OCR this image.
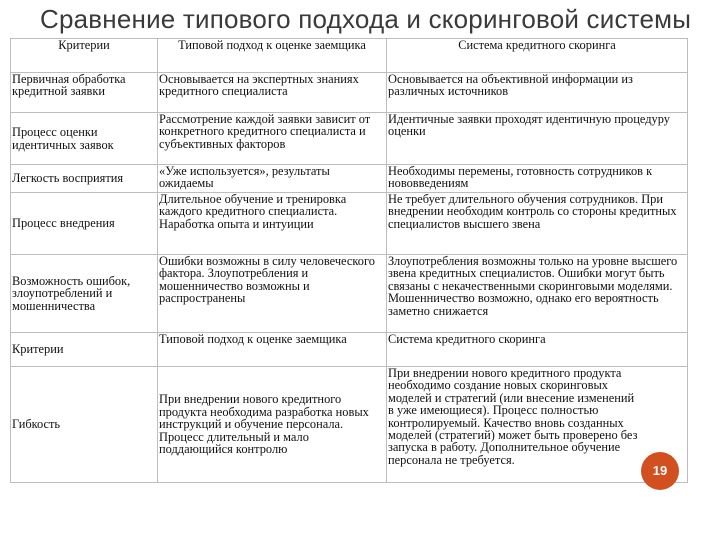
Сравнение типового подхода и скоринговой системы
Критерии	Типовой подход к оценке заемщика	Система кредитного скоринга
Первичная обработка кредитной заявки	Основывается на экспертных знаниях кредитного специалиста	Основывается на объективной информации из различных источников
Процесс оценки идентичных заявок	Рассмотрение каждой заявки зависит от конкретного кредитного специалиста и субъективных факторов	Идентичные заявки проходят идентичную процедуру оценки
Легкость восприятия	«Уже используется», результаты ожидаемы	Необходимы перемены, готовность сотрудников к нововведениям
Процесс внедрения	Длительное обучение и тренировка каждого кредитного специалиста. Наработка опыта и интуиции	Не требует длительного обучения сотрудников. При внедрении необходим контроль со стороны кредитных специалистов высшего звена
Возможность ошибок, злоупотреблений и мошенничества	Ошибки возможны в силу человеческого фактора. Злоупотребления и мошенничество возможны и распространены	Злоупотребления возможны только на уровне высшего звена кредитных специалистов. Ошибки могут быть связаны с некачественными скоринговыми моделями. Мошенничество возможно, однако его вероятность заметно снижается
Критерии	Типовой подход к оценке заемщика	Система кредитного скоринга
Гибкость	При внедрении нового кредитного продукта необходима разработка новых инструкций и обучение персонала. Процесс длительный и мало поддающийся контролю	При внедрении нового кредитного продукта необходимо создание новых скоринговых моделей и стратегий (или внесение изменений в уже имеющиеся). Процесс полностью контролируемый. Качество вновь созданных моделей (стратегий) может быть проверено без запуска в работу. Дополнительное обучение персонала не требуется.
19
